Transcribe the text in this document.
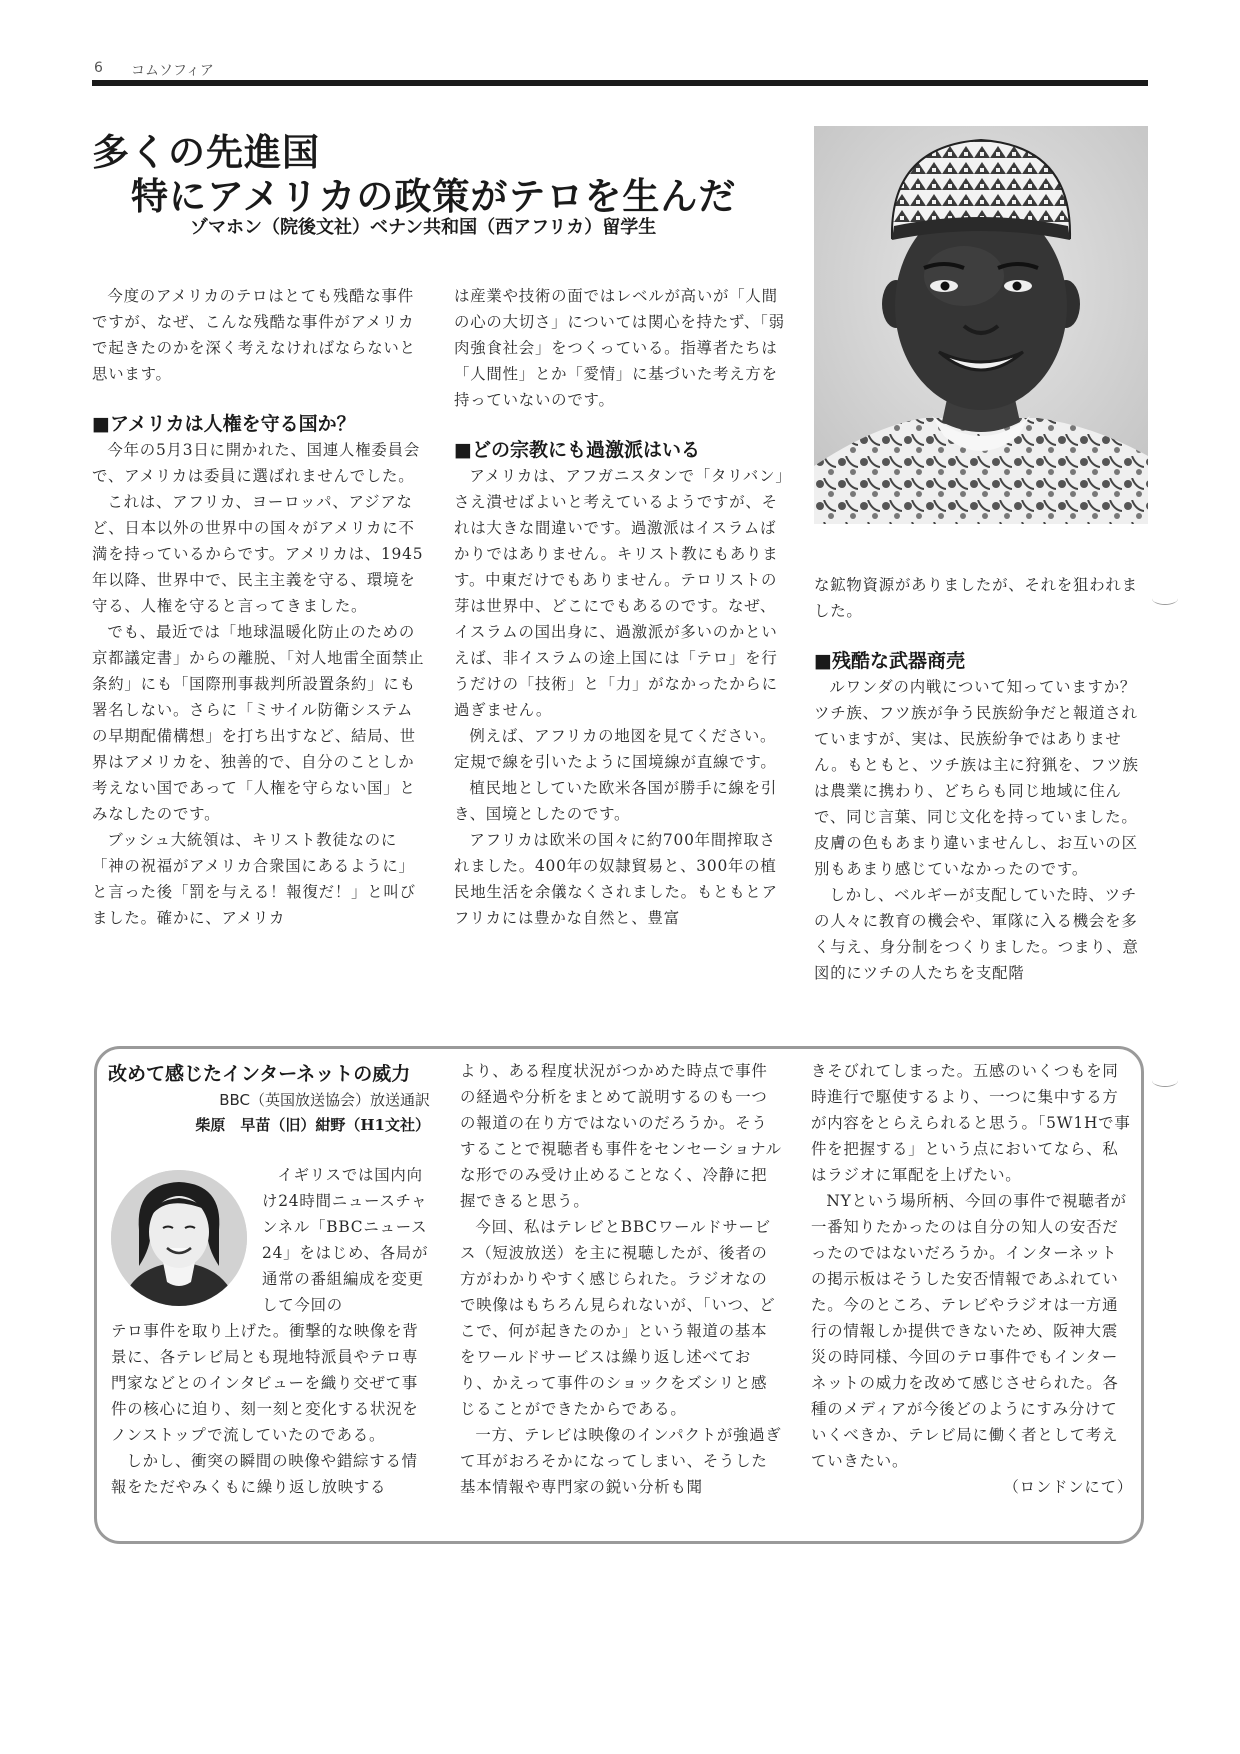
6 コムソフィア
多くの先進国
特にアメリカの政策がテロを生んだ
ゾマホン（院後文社）ベナン共和国（西アフリカ）留学生

今度のアメリカのテロはとても残酷な事件ですが、なぜ、こんな残酷な事件がアメリカで起きたのかを深く考えなければならないと思います。

■アメリカは人権を守る国か？

今年の5月3日に開かれた、国連人権委員会で、アメリカは委員に選ばれませんでした。

これは、アフリカ、ヨーロッパ、アジアなど、日本以外の世界中の国々がアメリカに不満を持っているからです。アメリカは、1945年以降、世界中で、民主主義を守る、環境を守る、人権を守ると言ってきました。

でも、最近では「地球温暖化防止のための京都議定書」からの離脱、「対人地雷全面禁止条約」にも「国際刑事裁判所設置条約」にも署名しない。さらに「ミサイル防衛システムの早期配備構想」を打ち出すなど、結局、世界はアメリカを、独善的で、自分のことしか考えない国であって「人権を守らない国」とみなしたのです。

ブッシュ大統領は、キリスト教徒なのに「神の祝福がアメリカ合衆国にあるように」と言った後「罰を与える！報復だ！」と叫びました。確かに、アメリカ

は産業や技術の面ではレベルが高いが「人間の心の大切さ」については関心を持たず、「弱肉強食社会」をつくっている。指導者たちは「人間性」とか「愛情」に基づいた考え方を持っていないのです。

■どの宗教にも過激派はいる

アメリカは、アフガニスタンで「タリバン」さえ潰せばよいと考えているようですが、それは大きな間違いです。過激派はイスラムばかりではありません。キリスト教にもあります。中東だけでもありません。テロリストの芽は世界中、どこにでもあるのです。なぜ、イスラムの国出身に、過激派が多いのかといえば、非イスラムの途上国には「テロ」を行うだけの「技術」と「力」がなかったからに過ぎません。

例えば、アフリカの地図を見てください。定規で線を引いたように国境線が直線です。

植民地としていた欧米各国が勝手に線を引き、国境としたのです。

アフリカは欧米の国々に約700年間搾取されました。400年の奴隷貿易と、300年の植民地生活を余儀なくされました。もともとアフリカには豊かな自然と、豊富

な鉱物資源がありましたが、それを狙われました。

■残酷な武器商売

ルワンダの内戦について知っていますか？　ツチ族、フツ族が争う民族紛争だと報道されていますが、実は、民族紛争ではありません。もともと、ツチ族は主に狩猟を、フツ族は農業に携わり、どちらも同じ地域に住んで、同じ言葉、同じ文化を持っていました。皮膚の色もあまり違いませんし、お互いの区別もあまり感じていなかったのです。

しかし、ベルギーが支配していた時、ツチの人々に教育の機会や、軍隊に入る機会を多く与え、身分制をつくりました。つまり、意図的にツチの人たちを支配階

改めて感じたインターネットの威力
BBC（英国放送協会）放送通訳
柴原　早苗（旧）紺野（H1文社）

イギリスでは国内向け24時間ニュースチャンネル「BBCニュース24」をはじめ、各局が通常の番組編成を変更して今回の

テロ事件を取り上げた。衝撃的な映像を背景に、各テレビ局とも現地特派員やテロ専門家などとのインタビューを織り交ぜて事件の核心に迫り、刻一刻と変化する状況をノンストップで流していたのである。

しかし、衝突の瞬間の映像や錯綜する情報をただやみくもに繰り返し放映する

より、ある程度状況がつかめた時点で事件の経過や分析をまとめて説明するのも一つの報道の在り方ではないのだろうか。そうすることで視聴者も事件をセンセーショナルな形でのみ受け止めることなく、冷静に把握できると思う。

今回、私はテレビとBBCワールドサービス（短波放送）を主に視聴したが、後者の方がわかりやすく感じられた。ラジオなので映像はもちろん見られないが、「いつ、どこで、何が起きたのか」という報道の基本をワールドサービスは繰り返し述べており、かえって事件のショックをズシリと感じることができたからである。

一方、テレビは映像のインパクトが強過ぎて耳がおろそかになってしまい、そうした基本情報や専門家の鋭い分析も聞

きそびれてしまった。五感のいくつもを同時進行で駆使するより、一つに集中する方が内容をとらえられると思う。「5W1Hで事件を把握する」という点においてなら、私はラジオに軍配を上げたい。

NYという場所柄、今回の事件で視聴者が一番知りたかったのは自分の知人の安否だったのではないだろうか。インターネットの掲示板はそうした安否情報であふれていた。今のところ、テレビやラジオは一方通行の情報しか提供できないため、阪神大震災の時同様、今回のテロ事件でもインターネットの威力を改めて感じさせられた。各種のメディアが今後どのようにすみ分けていくべきか、テレビ局に働く者として考えていきたい。

（ロンドンにて）
